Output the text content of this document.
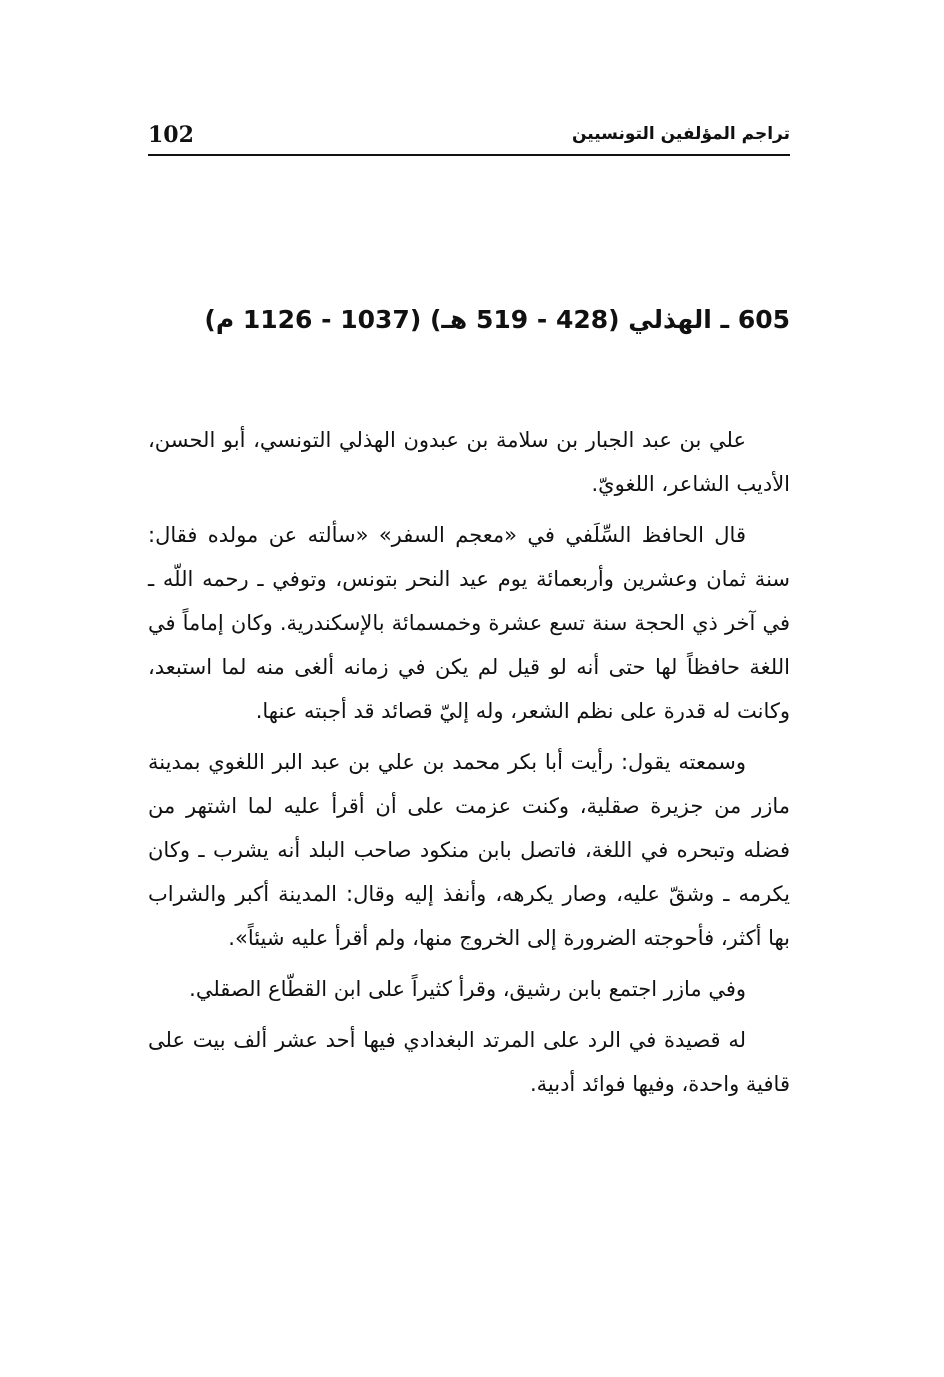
102	تراجم المؤلفين التونسيين
605 ـ الهذلي (428 - 519 هـ) (1037 - 1126 م)

علي بن عبد الجبار بن سلامة بن عبدون الهذلي التونسي، أبو الحسن، الأديب الشاعر، اللغويّ.

قال الحافظ السِّلَفي في «معجم السفر» «سألته عن مولده فقال: سنة ثمان وعشرين وأربعمائة يوم عيد النحر بتونس، وتوفي ـ رحمه اللّه ـ في آخر ذي الحجة سنة تسع عشرة وخمسمائة بالإسكندرية. وكان إماماً في اللغة حافظاً لها حتى أنه لو قيل لم يكن في زمانه ألغى منه لما استبعد، وكانت له قدرة على نظم الشعر، وله إليّ قصائد قد أجبته عنها.

وسمعته يقول: رأيت أبا بكر محمد بن علي بن عبد البر اللغوي بمدينة مازر من جزيرة صقلية، وكنت عزمت على أن أقرأ عليه لما اشتهر من فضله وتبحره في اللغة، فاتصل بابن منكود صاحب البلد أنه يشرب ـ وكان يكرمه ـ وشقّ عليه، وصار يكرهه، وأنفذ إليه وقال: المدينة أكبر والشراب بها أكثر، فأحوجته الضرورة إلى الخروج منها، ولم أقرأ عليه شيئاً».

وفي مازر اجتمع بابن رشيق، وقرأ كثيراً على ابن القطّاع الصقلي.

له قصيدة في الرد على المرتد البغدادي فيها أحد عشر ألف بيت على قافية واحدة، وفيها فوائد أدبية.
